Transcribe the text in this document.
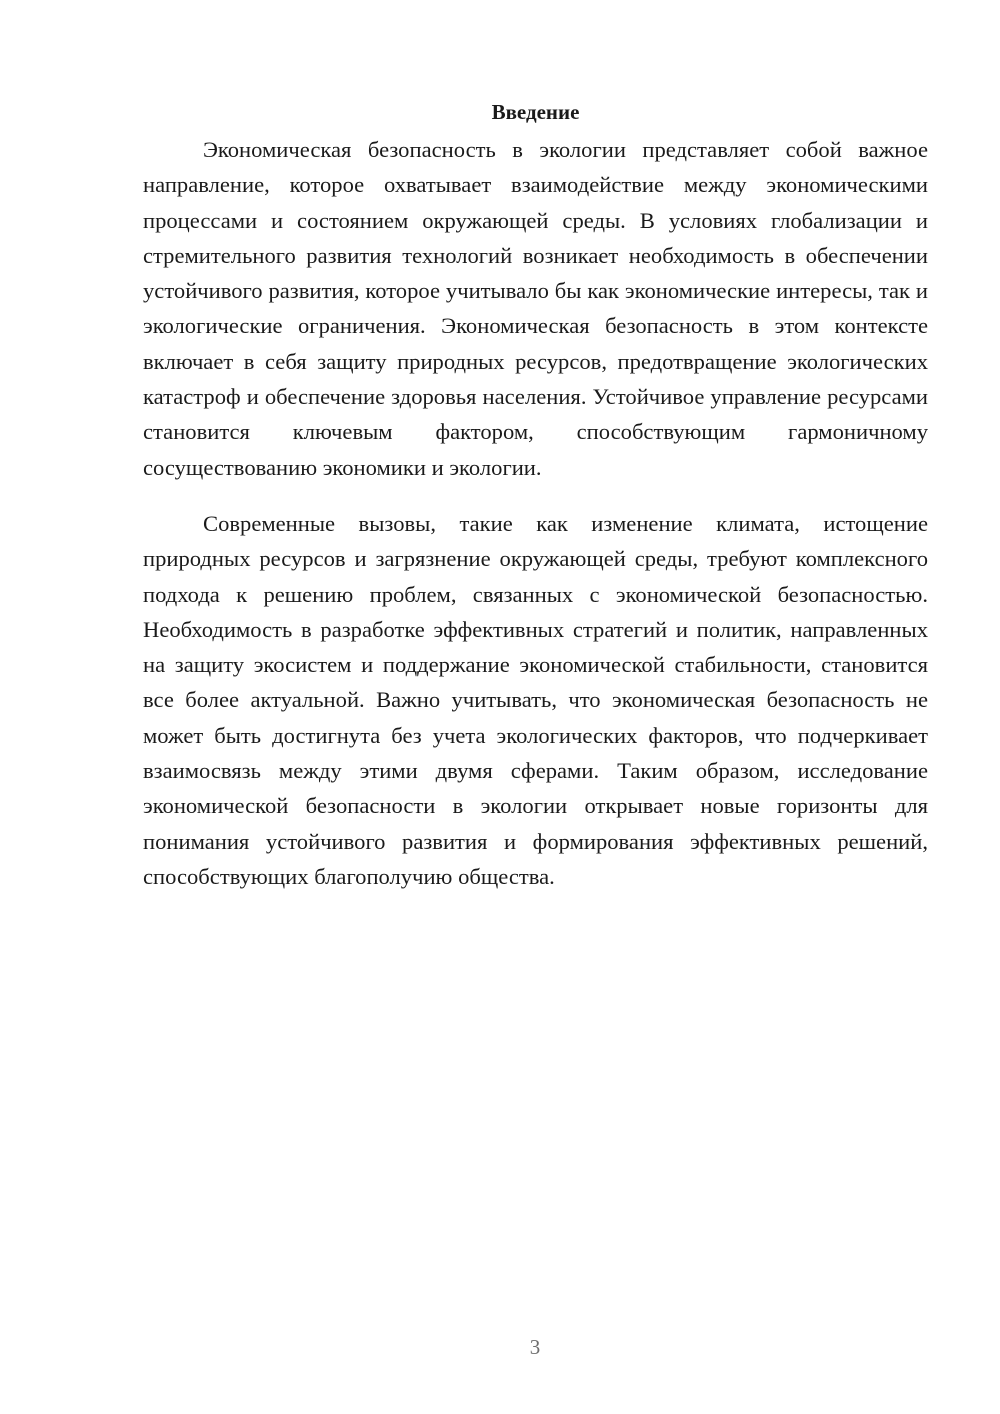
Введение

Экономическая безопасность в экологии представляет собой важное направление, которое охватывает взаимодействие между экономическими процессами и состоянием окружающей среды. В условиях глобализации и стремительного развития технологий возникает необходимость в обеспечении устойчивого развития, которое учитывало бы как экономические интересы, так и экологические ограничения. Экономическая безопасность в этом контексте включает в себя защиту природных ресурсов, предотвращение экологических катастроф и обеспечение здоровья населения. Устойчивое управление ресурсами становится ключевым фактором, способствующим гармоничному сосуществованию экономики и экологии.

Современные вызовы, такие как изменение климата, истощение природных ресурсов и загрязнение окружающей среды, требуют комплексного подхода к решению проблем, связанных с экономической безопасностью. Необходимость в разработке эффективных стратегий и политик, направленных на защиту экосистем и поддержание экономической стабильности, становится все более актуальной. Важно учитывать, что экономическая безопасность не может быть достигнута без учета экологических факторов, что подчеркивает взаимосвязь между этими двумя сферами. Таким образом, исследование экономической безопасности в экологии открывает новые горизонты для понимания устойчивого развития и формирования эффективных решений, способствующих благополучию общества.

3
